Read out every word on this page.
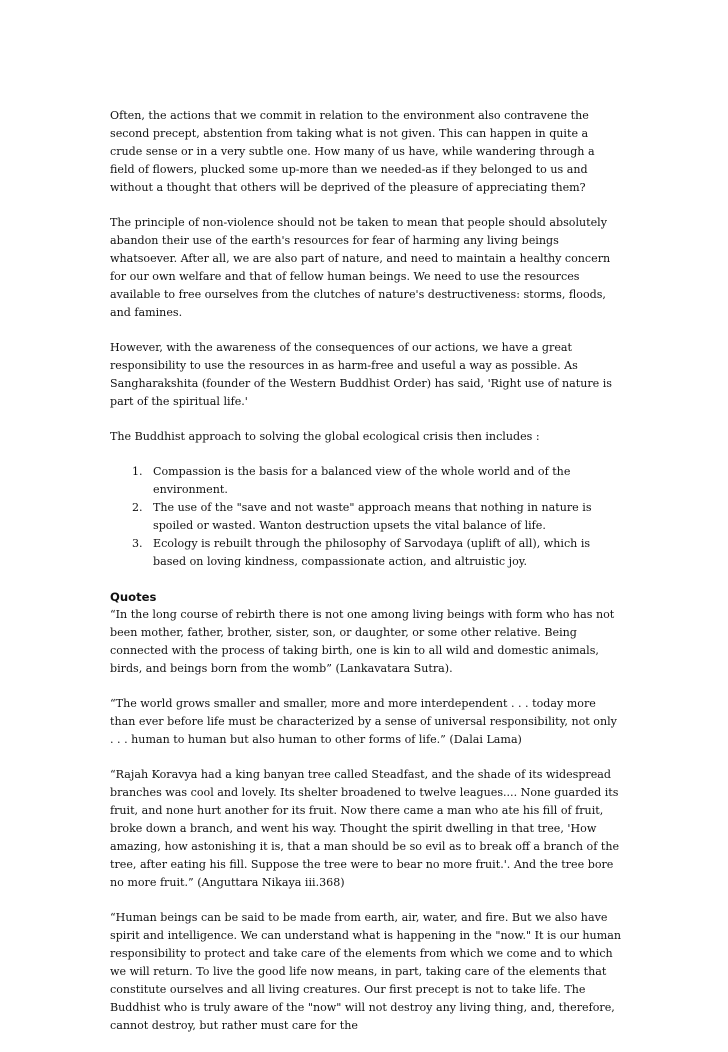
Often, the actions that we commit in relation to the environment also contravene the second precept, abstention from taking what is not given. This can happen in quite a crude sense or in a very subtle one. How many of us have, while wandering through a field of flowers, plucked some up-more than we needed-as if they belonged to us and without a thought that others will be deprived of the pleasure of appreciating them?

The principle of non-violence should not be taken to mean that people should absolutely abandon their use of the earth's resources for fear of harming any living beings whatsoever. After all, we are also part of nature, and need to maintain a healthy concern for our own welfare and that of fellow human beings. We need to use the resources available to free ourselves from the clutches of nature's destructiveness: storms, floods, and famines.

However, with the awareness of the consequences of our actions, we have a great responsibility to use the resources in as harm-free and useful a way as possible. As Sangharakshita (founder of the Western Buddhist Order) has said, 'Right use of nature is part of the spiritual life.'

The Buddhist approach to solving the global ecological crisis then includes :

1. Compassion is the basis for a balanced view of the whole world and of the environment.
2. The use of the "save and not waste" approach means that nothing in nature is spoiled or wasted. Wanton destruction upsets the vital balance of life.
3. Ecology is rebuilt through the philosophy of Sarvodaya (uplift of all), which is based on loving kindness, compassionate action, and altruistic joy.
Quotes

“In the long course of rebirth there is not one among living beings with form who has not been mother, father, brother, sister, son, or daughter, or some other relative. Being connected with the process of taking birth, one is kin to all wild and domestic animals, birds, and beings born from the womb” (Lankavatara Sutra).

“The world grows smaller and smaller, more and more interdependent . . . today more than ever before life must be characterized by a sense of universal responsibility, not only . . . human to human but also human to other forms of life.” (Dalai Lama)

“Rajah Koravya had a king banyan tree called Steadfast, and the shade of its widespread branches was cool and lovely. Its shelter broadened to twelve leagues.... None guarded its fruit, and none hurt another for its fruit. Now there came a man who ate his fill of fruit, broke down a branch, and went his way. Thought the spirit dwelling in that tree, 'How amazing, how astonishing it is, that a man should be so evil as to break off a branch of the tree, after eating his fill. Suppose the tree were to bear no more fruit.'. And the tree bore no more fruit.” (Anguttara Nikaya iii.368)

“Human beings can be said to be made from earth, air, water, and fire. But we also have spirit and intelligence. We can understand what is happening in the "now." It is our human responsibility to protect and take care of the elements from which we come and to which we will return. To live the good life now means, in part, taking care of the elements that constitute ourselves and all living creatures. Our first precept is not to take life. The Buddhist who is truly aware of the "now" will not destroy any living thing, and, therefore, cannot destroy, but rather must care for the
